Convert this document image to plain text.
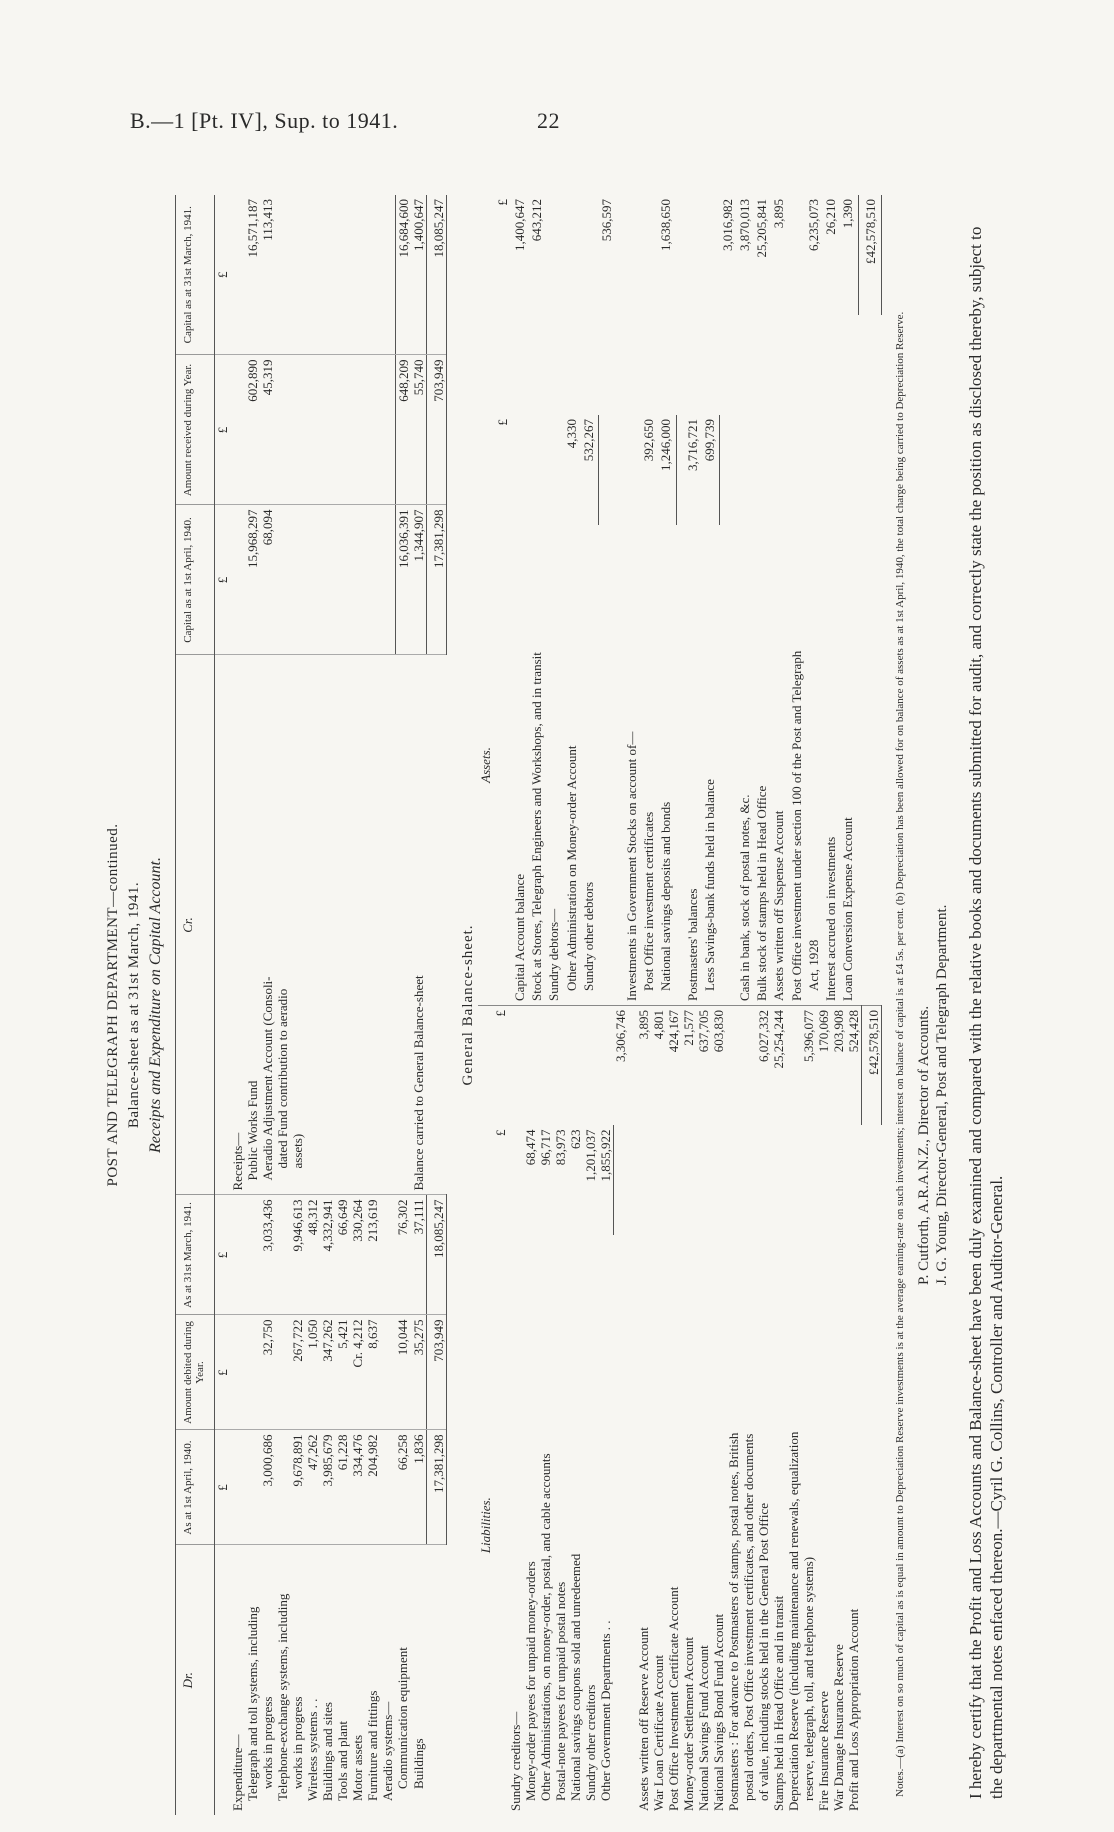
B.—1 [Pt. IV], Sup. to 1941.	22
POST AND TELEGRAPH DEPARTMENT—continued. Balance-sheet as at 31st March, 1941. Receipts and Expenditure on Capital Account.
Dr.	As at 1st April, 1940.	Amount debited during Year.	As at 31st March, 1941.	Cr.	Capital as at 1st April, 1940.	Amount received during Year.	Capital as at 31st March, 1941.
	£	£	£		£	£	£
Expenditure—				Receipts—			
Telegraph and toll systems, including				Public Works Fund	15,968,297	602,890	16,571,187
works in progress	3,000,686	32,750	3,033,436	Aeradio Adjustment Account (Consoli-	68,094	45,319	113,413
Telephone-exchange systems, including				dated Fund contribution to aeradio			
works in progress	9,678,891	267,722	9,946,613	assets)			
Wireless systems . .	47,262	1,050	48,312				
Buildings and sites	3,985,679	347,262	4,332,941				
Tools and plant	61,228	5,421	66,649				
Motor assets	334,476	Cr. 4,212	330,264				
Furniture and fittings	204,982	8,637	213,619				
Aeradio systems—							
Communication equipment	66,258	10,044	76,302		16,036,391	648,209	16,684,600
Buildings	1,836	35,275	37,111	Balance carried to General Balance-sheet	1,344,907	55,740	1,400,647
	17,381,298	703,949	18,085,247		17,381,298	703,949	18,085,247
General Balance-sheet.
Liabilities.		
	£	£
Sundry creditors—		
Money-order payees for unpaid money-orders	68,474	
Other Administrations, on money-order, postal, and cable accounts	96,717	
Postal-note payees for unpaid postal notes	83,973	
National savings coupons sold and unredeemed	623	
Sundry other creditors	1,201,037	
Other Government Departments . .	1,855,922	
		3,306,746

Assets written off Reserve Account		3,895
War Loan Certificate Account		4,801
Post Office Investment Certificate Account		424,167
Money-order Settlement Account		21,577
National Savings Fund Account		637,705
National Savings Bond Fund Account		603,830
Postmasters : For advance to Postmasters of stamps, postal notes, British		
postal orders, Post Office investment certificates, and other documents		
of value, including stocks held in the General Post Office		6,027,332
Stamps held in Head Office and in transit		25,254,244
Depreciation Reserve (including maintenance and renewals, equalization		
reserve, telegraph, toll, and telephone systems)		5,396,077
Fire Insurance Reserve		170,069
War Damage Insurance Reserve		203,908
Profit and Loss Appropriation Account		524,428
		£42,578,510
Assets.			
	£		£
Capital Account balance			1,400,647
Stock at Stores, Telegraph Engineers and Workshops, and in transit			643,212
Sundry debtors—			
Other Administration on Money-order Account	4,330		
Sundry other debtors	532,267		
			536,597

Investments in Government Stocks on account of—			
Post Office investment certificates	392,650		
National savings deposits and bonds	1,246,000		1,638,650

Postmasters' balances	3,716,721		
Less Savings-bank funds held in balance	699,739		
			3,016,982
Cash in bank, stock of postal notes, &c.			3,870,013
Bulk stock of stamps held in Head Office			25,205,841
Assets written off Suspense Account			3,895
Post Office investment under section 100 of the Post and Telegraph			
Act, 1928			6,235,073
Interest accrued on investments			26,210
Loan Conversion Expense Account			1,390

			£42,578,510
Notes.—(a) Interest on so much of capital as is equal in amount to Depreciation Reserve investments is at the average earning-rate on such investments; interest on balance of capital is at £4 5s. per cent. (b) Depreciation has been allowed for on balance of assets as at 1st April, 1940, the total charge being carried to Depreciation Reserve. P. Cutforth, A.R.A.N.Z., Director of Accounts. J. G. Young, Director-General, Post and Telegraph Department. I hereby certify that the Profit and Loss Accounts and Balance-sheet have been duly examined and compared with the relative books and documents submitted for audit, and correctly state the position as disclosed thereby, subject to the departmental notes enfaced thereon.—Cyril G. Collins, Controller and Auditor-General.
